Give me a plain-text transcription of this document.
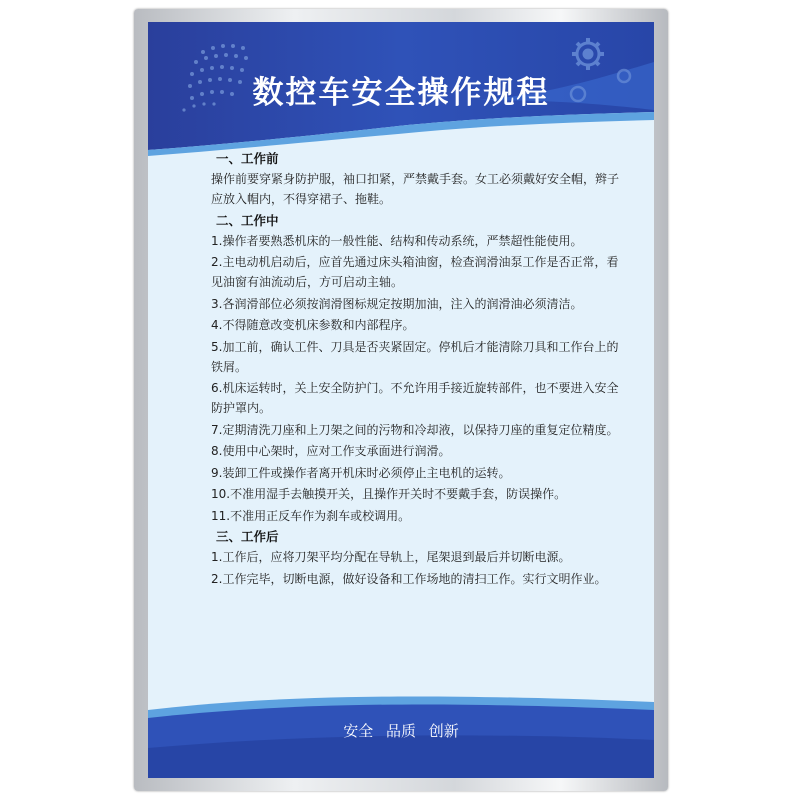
数控车安全操作规程
一、工作前

操作前要穿紧身防护服，袖口扣紧，严禁戴手套。女工必须戴好安全帽，辫子应放入帽内，不得穿裙子、拖鞋。

二、工作中

1.操作者要熟悉机床的一般性能、结构和传动系统，严禁超性能使用。

2.主电动机启动后，应首先通过床头箱油窗，检查润滑油泵工作是否正常，看见油窗有油流动后，方可启动主轴。

3.各润滑部位必须按润滑图标规定按期加油，注入的润滑油必须清洁。

4.不得随意改变机床参数和内部程序。

5.加工前，确认工件、刀具是否夹紧固定。停机后才能清除刀具和工作台上的铁屑。

6.机床运转时，关上安全防护门。不允许用手接近旋转部件，也不要进入安全防护罩内。

7.定期清洗刀座和上刀架之间的污物和冷却液，以保持刀座的重复定位精度。

8.使用中心架时，应对工作支承面进行润滑。

9.装卸工件或操作者离开机床时必须停止主电机的运转。

10.不准用湿手去触摸开关，且操作开关时不要戴手套，防误操作。

11.不准用正反车作为刹车或校调用。

三、工作后

1.工作后，应将刀架平均分配在导轨上，尾架退到最后并切断电源。

2.工作完毕，切断电源，做好设备和工作场地的清扫工作。实行文明作业。

安全 品质 创新
